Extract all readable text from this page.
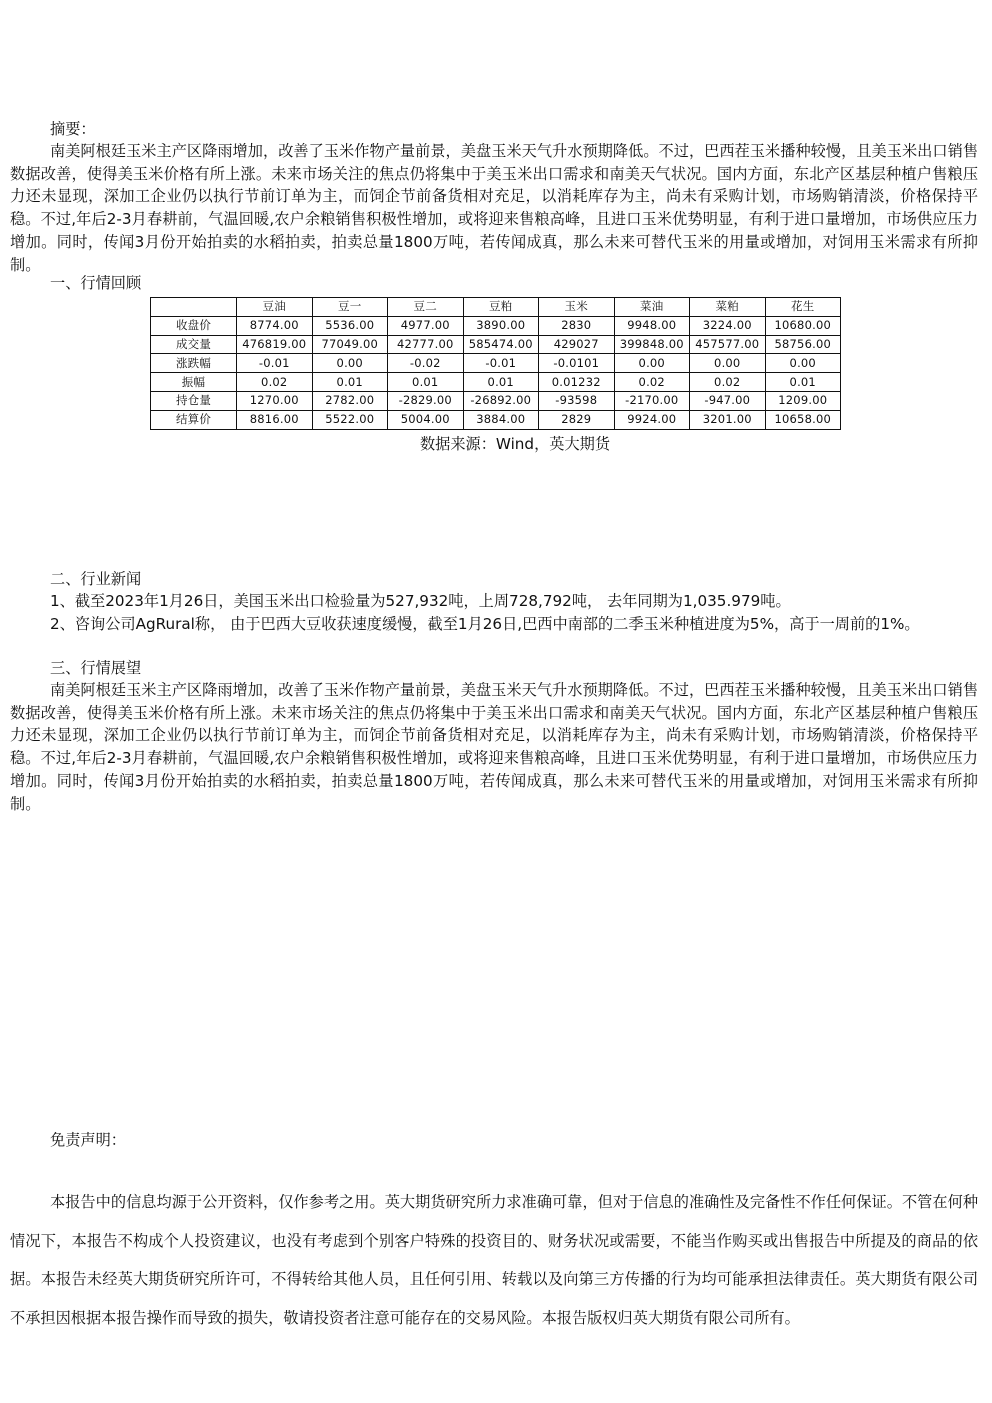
摘要：
南美阿根廷玉米主产区降雨增加，改善了玉米作物产量前景，美盘玉米天气升水预期降低。不过，巴西茬玉米播种较慢，且美玉米出口销售数据改善，使得美玉米价格有所上涨。未来市场关注的焦点仍将集中于美玉米出口需求和南美天气状况。国内方面，东北产区基层种植户售粮压力还未显现，深加工企业仍以执行节前订单为主，而饲企节前备货相对充足，以消耗库存为主，尚未有采购计划，市场购销清淡，价格保持平稳。不过,年后2-3月春耕前，气温回暖,农户余粮销售积极性增加，或将迎来售粮高峰，且进口玉米优势明显，有利于进口量增加，市场供应压力增加。同时，传闻3月份开始拍卖的水稻拍卖，拍卖总量1800万吨，若传闻成真，那么未来可替代玉米的用量或增加，对饲用玉米需求有所抑制。
一、行情回顾
	豆油	豆一	豆二	豆粕	玉米	菜油	菜粕	花生
收盘价	8774.00	5536.00	4977.00	3890.00	2830	9948.00	3224.00	10680.00
成交量	476819.00	77049.00	42777.00	585474.00	429027	399848.00	457577.00	58756.00
涨跌幅	-0.01	0.00	-0.02	-0.01	-0.0101	0.00	0.00	0.00
振幅	0.02	0.01	0.01	0.01	0.01232	0.02	0.02	0.01
持仓量	1270.00	2782.00	-2829.00	-26892.00	-93598	-2170.00	-947.00	1209.00
结算价	8816.00	5522.00	5004.00	3884.00	2829	9924.00	3201.00	10658.00
数据来源：Wind，英大期货
二、行业新闻
1、截至2023年1月26日，美国玉米出口检验量为527,932吨，上周728,792吨， 去年同期为1,035.979吨。
2、咨询公司AgRural称， 由于巴西大豆收获速度缓慢，截至1月26日,巴西中南部的二季玉米种植进度为5%，高于一周前的1%。
三、行情展望
南美阿根廷玉米主产区降雨增加，改善了玉米作物产量前景，美盘玉米天气升水预期降低。不过，巴西茬玉米播种较慢，且美玉米出口销售数据改善，使得美玉米价格有所上涨。未来市场关注的焦点仍将集中于美玉米出口需求和南美天气状况。国内方面，东北产区基层种植户售粮压力还未显现，深加工企业仍以执行节前订单为主，而饲企节前备货相对充足，以消耗库存为主，尚未有采购计划，市场购销清淡，价格保持平稳。不过,年后2-3月春耕前，气温回暖,农户余粮销售积极性增加，或将迎来售粮高峰，且进口玉米优势明显，有利于进口量增加，市场供应压力增加。同时，传闻3月份开始拍卖的水稻拍卖，拍卖总量1800万吨，若传闻成真，那么未来可替代玉米的用量或增加，对饲用玉米需求有所抑制。
免责声明：
本报告中的信息均源于公开资料，仅作参考之用。英大期货研究所力求准确可靠，但对于信息的准确性及完备性不作任何保证。不管在何种情况下，本报告不构成个人投资建议，也没有考虑到个别客户特殊的投资目的、财务状况或需要，不能当作购买或出售报告中所提及的商品的依据。本报告未经英大期货研究所许可，不得转给其他人员，且任何引用、转载以及向第三方传播的行为均可能承担法律责任。英大期货有限公司不承担因根据本报告操作而导致的损失，敬请投资者注意可能存在的交易风险。本报告版权归英大期货有限公司所有。
